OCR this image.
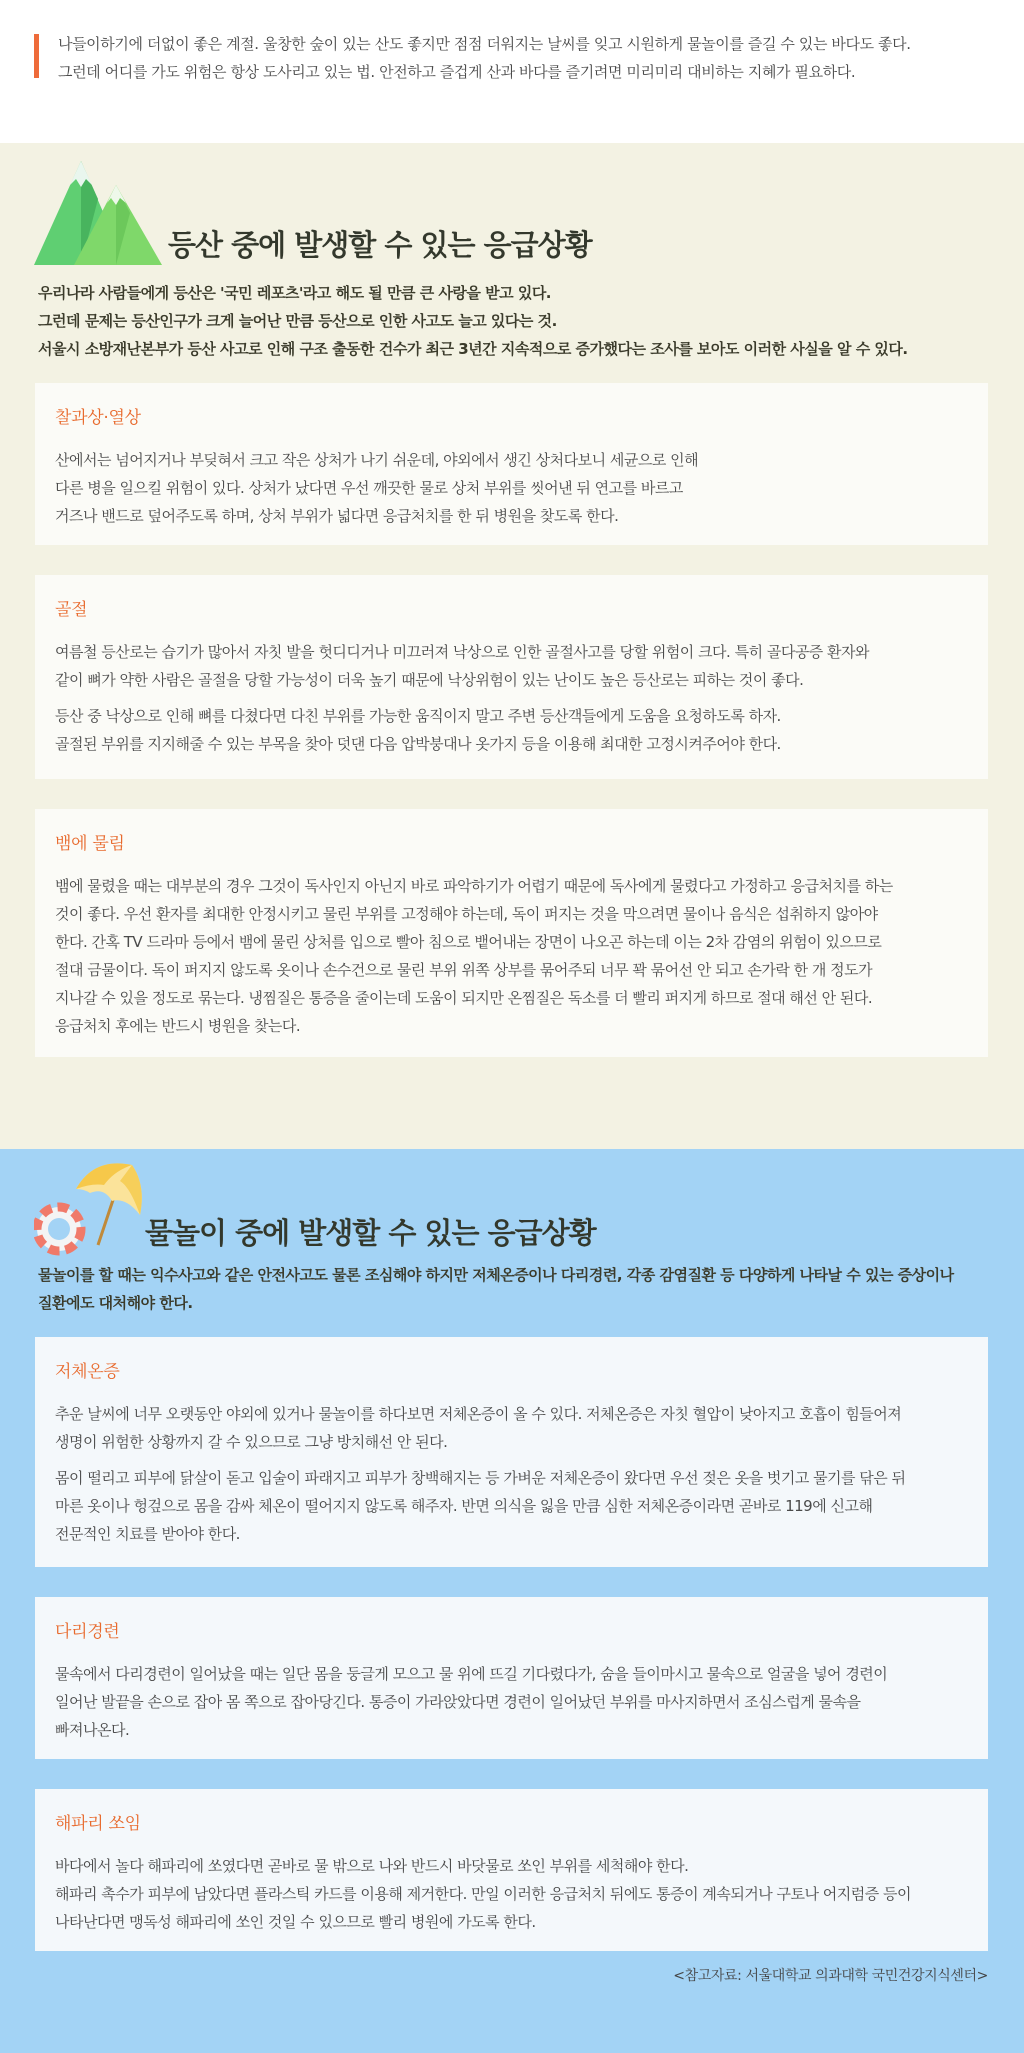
나들이하기에 더없이 좋은 계절. 울창한 숲이 있는 산도 좋지만 점점 더워지는 날씨를 잊고 시원하게 물놀이를 즐길 수 있는 바다도 좋다.

그런데 어디를 가도 위험은 항상 도사리고 있는 법. 안전하고 즐겁게 산과 바다를 즐기려면 미리미리 대비하는 지혜가 필요하다.

등산 중에 발생할 수 있는 응급상황

우리나라 사람들에게 등산은 '국민 레포츠'라고 해도 될 만큼 큰 사랑을 받고 있다.

그런데 문제는 등산인구가 크게 늘어난 만큼 등산으로 인한 사고도 늘고 있다는 것.

서울시 소방재난본부가 등산 사고로 인해 구조 출동한 건수가 최근 3년간 지속적으로 증가했다는 조사를 보아도 이러한 사실을 알 수 있다.

찰과상·열상

산에서는 넘어지거나 부딪혀서 크고 작은 상처가 나기 쉬운데, 야외에서 생긴 상처다보니 세균으로 인해
다른 병을 일으킬 위험이 있다. 상처가 났다면 우선 깨끗한 물로 상처 부위를 씻어낸 뒤 연고를 바르고
거즈나 밴드로 덮어주도록 하며, 상처 부위가 넓다면 응급처치를 한 뒤 병원을 찾도록 한다.

골절

여름철 등산로는 습기가 많아서 자칫 발을 헛디디거나 미끄러져 낙상으로 인한 골절사고를 당할 위험이 크다. 특히 골다공증 환자와
같이 뼈가 약한 사람은 골절을 당할 가능성이 더욱 높기 때문에 낙상위험이 있는 난이도 높은 등산로는 피하는 것이 좋다.

등산 중 낙상으로 인해 뼈를 다쳤다면 다친 부위를 가능한 움직이지 말고 주변 등산객들에게 도움을 요청하도록 하자.
골절된 부위를 지지해줄 수 있는 부목을 찾아 덧댄 다음 압박붕대나 옷가지 등을 이용해 최대한 고정시켜주어야 한다.

뱀에 물림

뱀에 물렸을 때는 대부분의 경우 그것이 독사인지 아닌지 바로 파악하기가 어렵기 때문에 독사에게 물렸다고 가정하고 응급처치를 하는
것이 좋다. 우선 환자를 최대한 안정시키고 물린 부위를 고정해야 하는데, 독이 퍼지는 것을 막으려면 물이나 음식은 섭취하지 않아야
한다. 간혹 TV 드라마 등에서 뱀에 물린 상처를 입으로 빨아 침으로 뱉어내는 장면이 나오곤 하는데 이는 2차 감염의 위험이 있으므로
절대 금물이다. 독이 퍼지지 않도록 옷이나 손수건으로 물린 부위 위쪽 상부를 묶어주되 너무 꽉 묶어선 안 되고 손가락 한 개 정도가
지나갈 수 있을 정도로 묶는다. 냉찜질은 통증을 줄이는데 도움이 되지만 온찜질은 독소를 더 빨리 퍼지게 하므로 절대 해선 안 된다.
응급처치 후에는 반드시 병원을 찾는다.

물놀이 중에 발생할 수 있는 응급상황

물놀이를 할 때는 익수사고와 같은 안전사고도 물론 조심해야 하지만 저체온증이나 다리경련, 각종 감염질환 등 다양하게 나타날 수 있는 증상이나

질환에도 대처해야 한다.

저체온증

추운 날씨에 너무 오랫동안 야외에 있거나 물놀이를 하다보면 저체온증이 올 수 있다. 저체온증은 자칫 혈압이 낮아지고 호흡이 힘들어져
생명이 위험한 상황까지 갈 수 있으므로 그냥 방치해선 안 된다.

몸이 떨리고 피부에 닭살이 돋고 입술이 파래지고 피부가 창백해지는 등 가벼운 저체온증이 왔다면 우선 젖은 옷을 벗기고 물기를 닦은 뒤
마른 옷이나 헝겊으로 몸을 감싸 체온이 떨어지지 않도록 해주자. 반면 의식을 잃을 만큼 심한 저체온증이라면 곧바로 119에 신고해
전문적인 치료를 받아야 한다.

다리경련

물속에서 다리경련이 일어났을 때는 일단 몸을 둥글게 모으고 물 위에 뜨길 기다렸다가, 숨을 들이마시고 물속으로 얼굴을 넣어 경련이
일어난 발끝을 손으로 잡아 몸 쪽으로 잡아당긴다. 통증이 가라앉았다면 경련이 일어났던 부위를 마사지하면서 조심스럽게 물속을
빠져나온다.

해파리 쏘임

바다에서 놀다 해파리에 쏘였다면 곧바로 물 밖으로 나와 반드시 바닷물로 쏘인 부위를 세척해야 한다.
해파리 촉수가 피부에 남았다면 플라스틱 카드를 이용해 제거한다. 만일 이러한 응급처치 뒤에도 통증이 계속되거나 구토나 어지럼증 등이
나타난다면 맹독성 해파리에 쏘인 것일 수 있으므로 빨리 병원에 가도록 한다.

<참고자료: 서울대학교 의과대학 국민건강지식센터>
